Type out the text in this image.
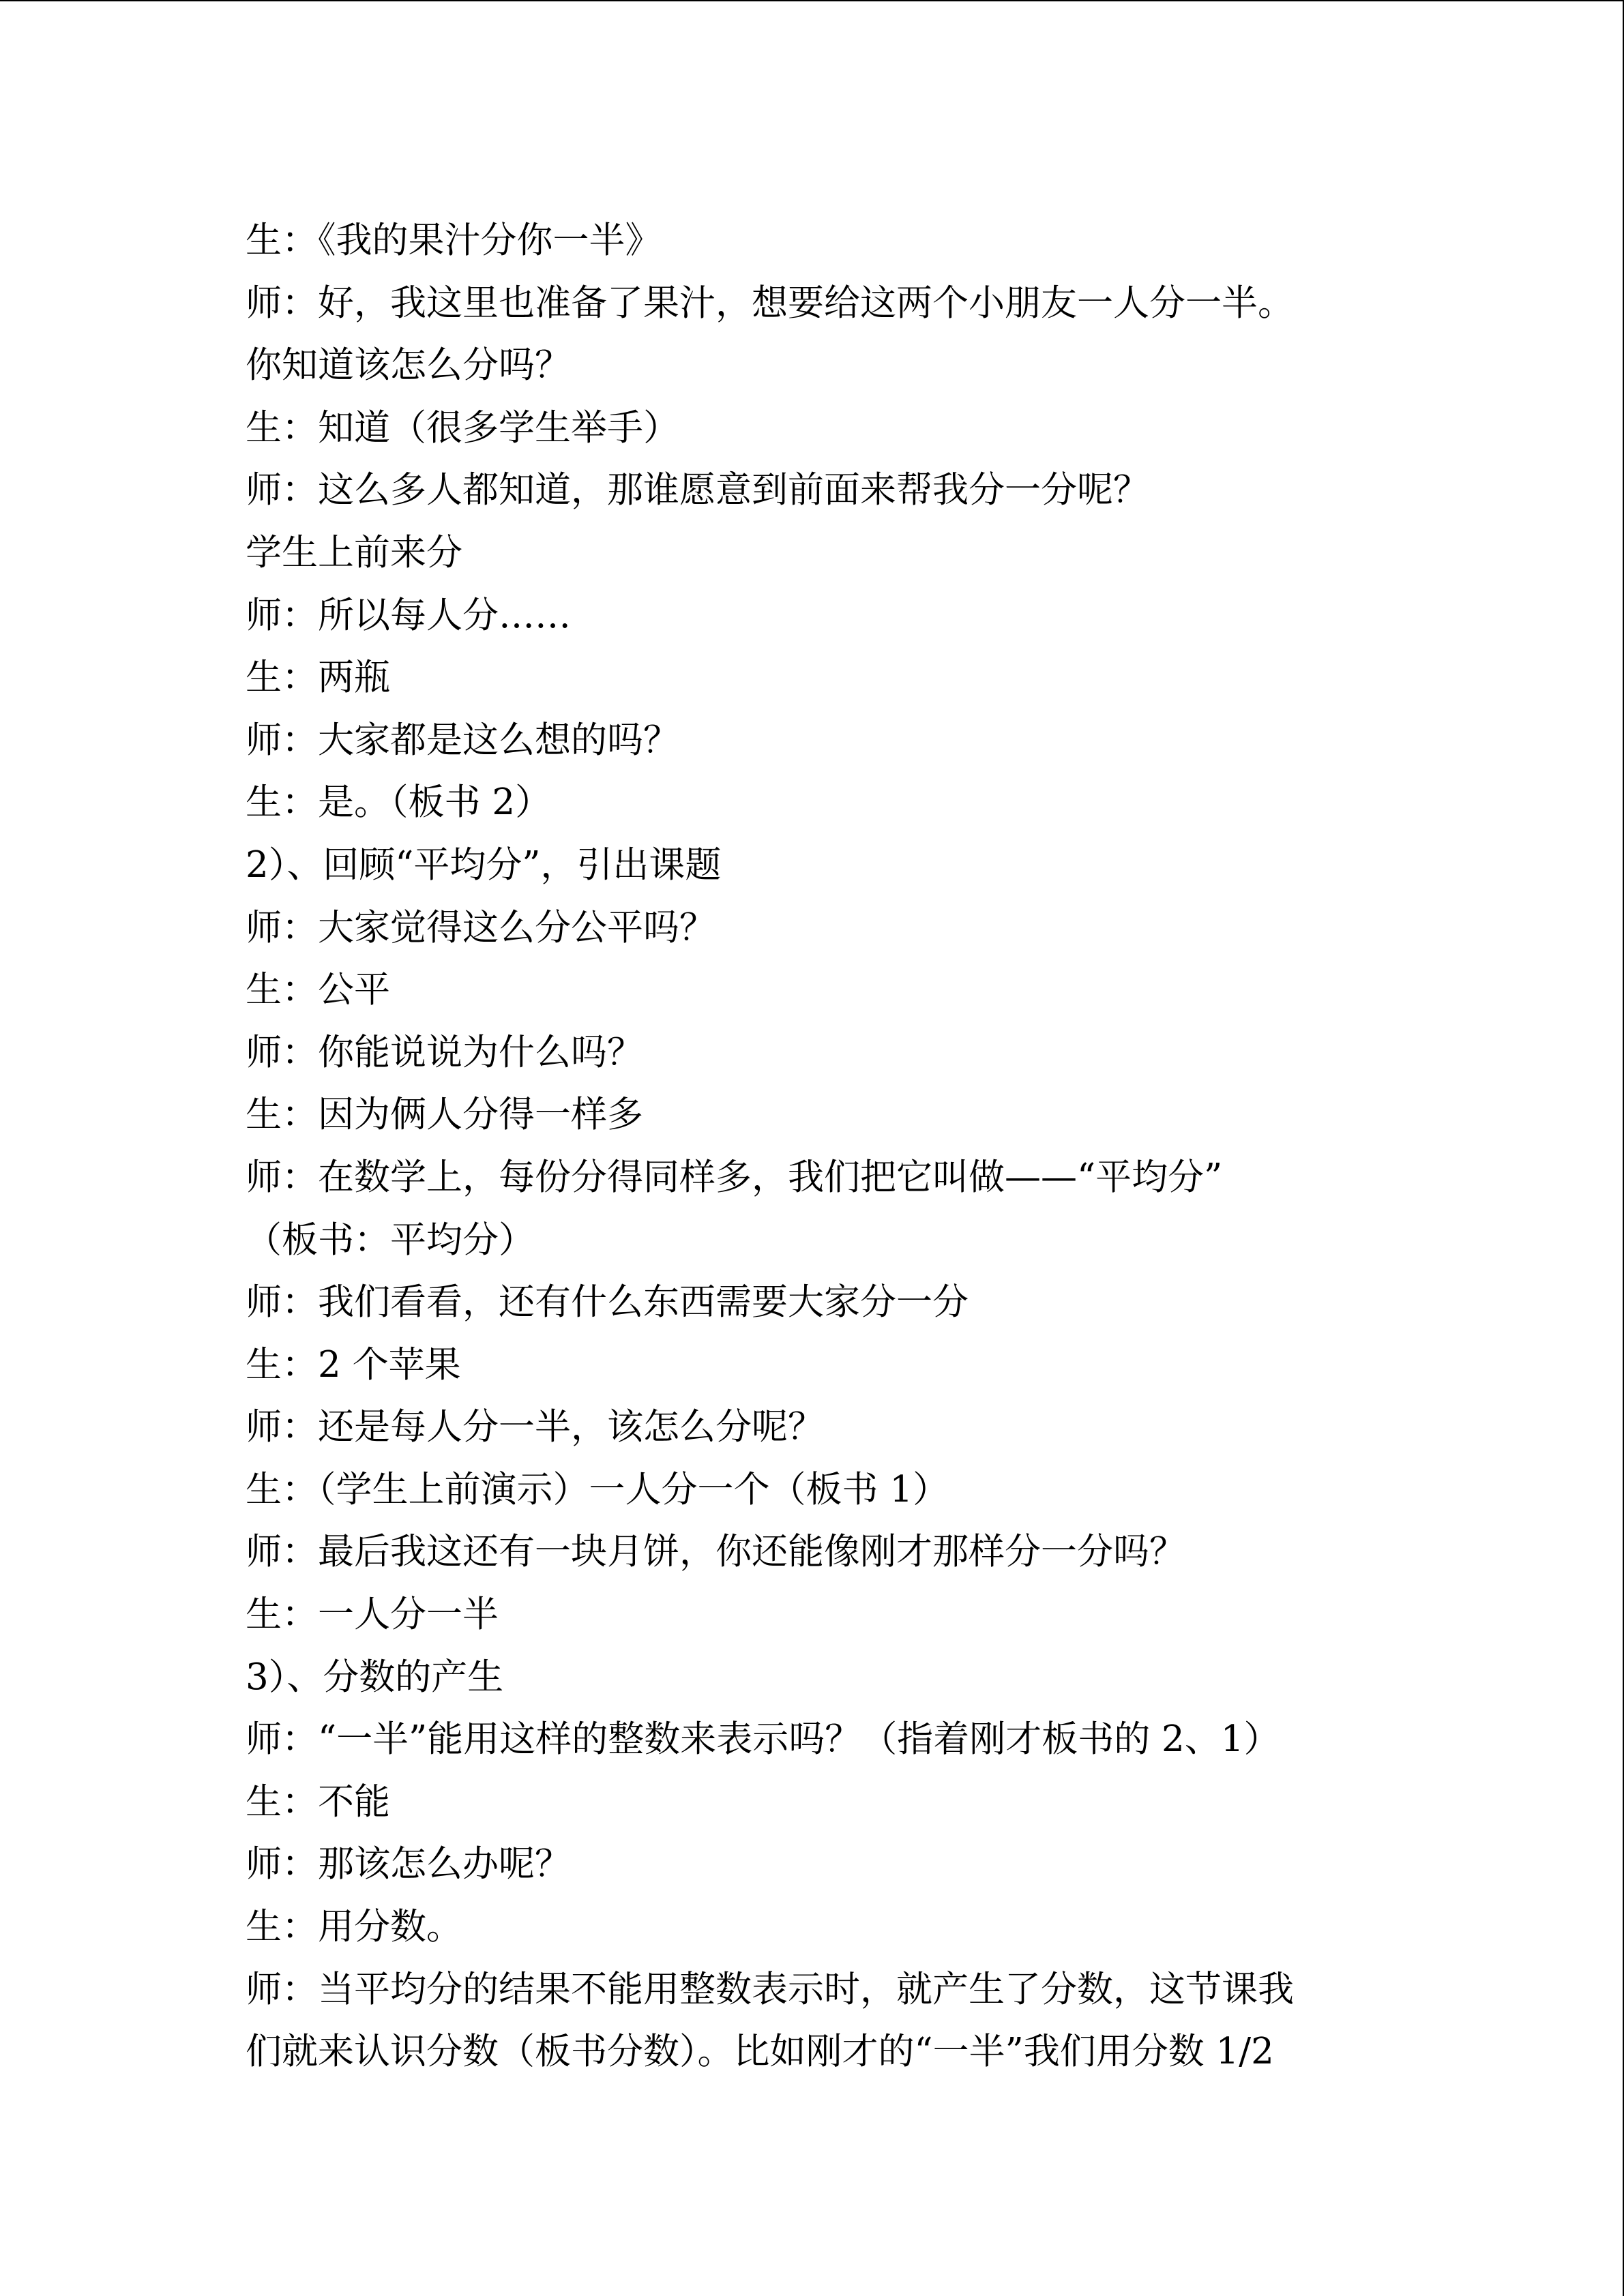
生：《我的果汁分你一半》

师：好，我这里也准备了果汁，想要给这两个小朋友一人分一半。

你知道该怎么分吗？

生：知道（很多学生举手）

师：这么多人都知道，那谁愿意到前面来帮我分一分呢？

学生上前来分

师：所以每人分……

生：两瓶

师：大家都是这么想的吗？

生：是。（板书 2）

2）、回顾“平均分”，引出课题

师：大家觉得这么分公平吗？

生：公平

师：你能说说为什么吗？

生：因为俩人分得一样多

师：在数学上，每份分得同样多，我们把它叫做——“平均分”

（板书：平均分）

师：我们看看，还有什么东西需要大家分一分

生：2 个苹果

师：还是每人分一半，该怎么分呢？

生：（学生上前演示）一人分一个（板书 1）

师：最后我这还有一块月饼，你还能像刚才那样分一分吗？

生：一人分一半

3）、分数的产生

师：“一半”能用这样的整数来表示吗？（指着刚才板书的 2、1）

生：不能

师：那该怎么办呢？

生：用分数。

师：当平均分的结果不能用整数表示时，就产生了分数，这节课我

们就来认识分数（板书分数）。比如刚才的“一半”我们用分数 1/2
